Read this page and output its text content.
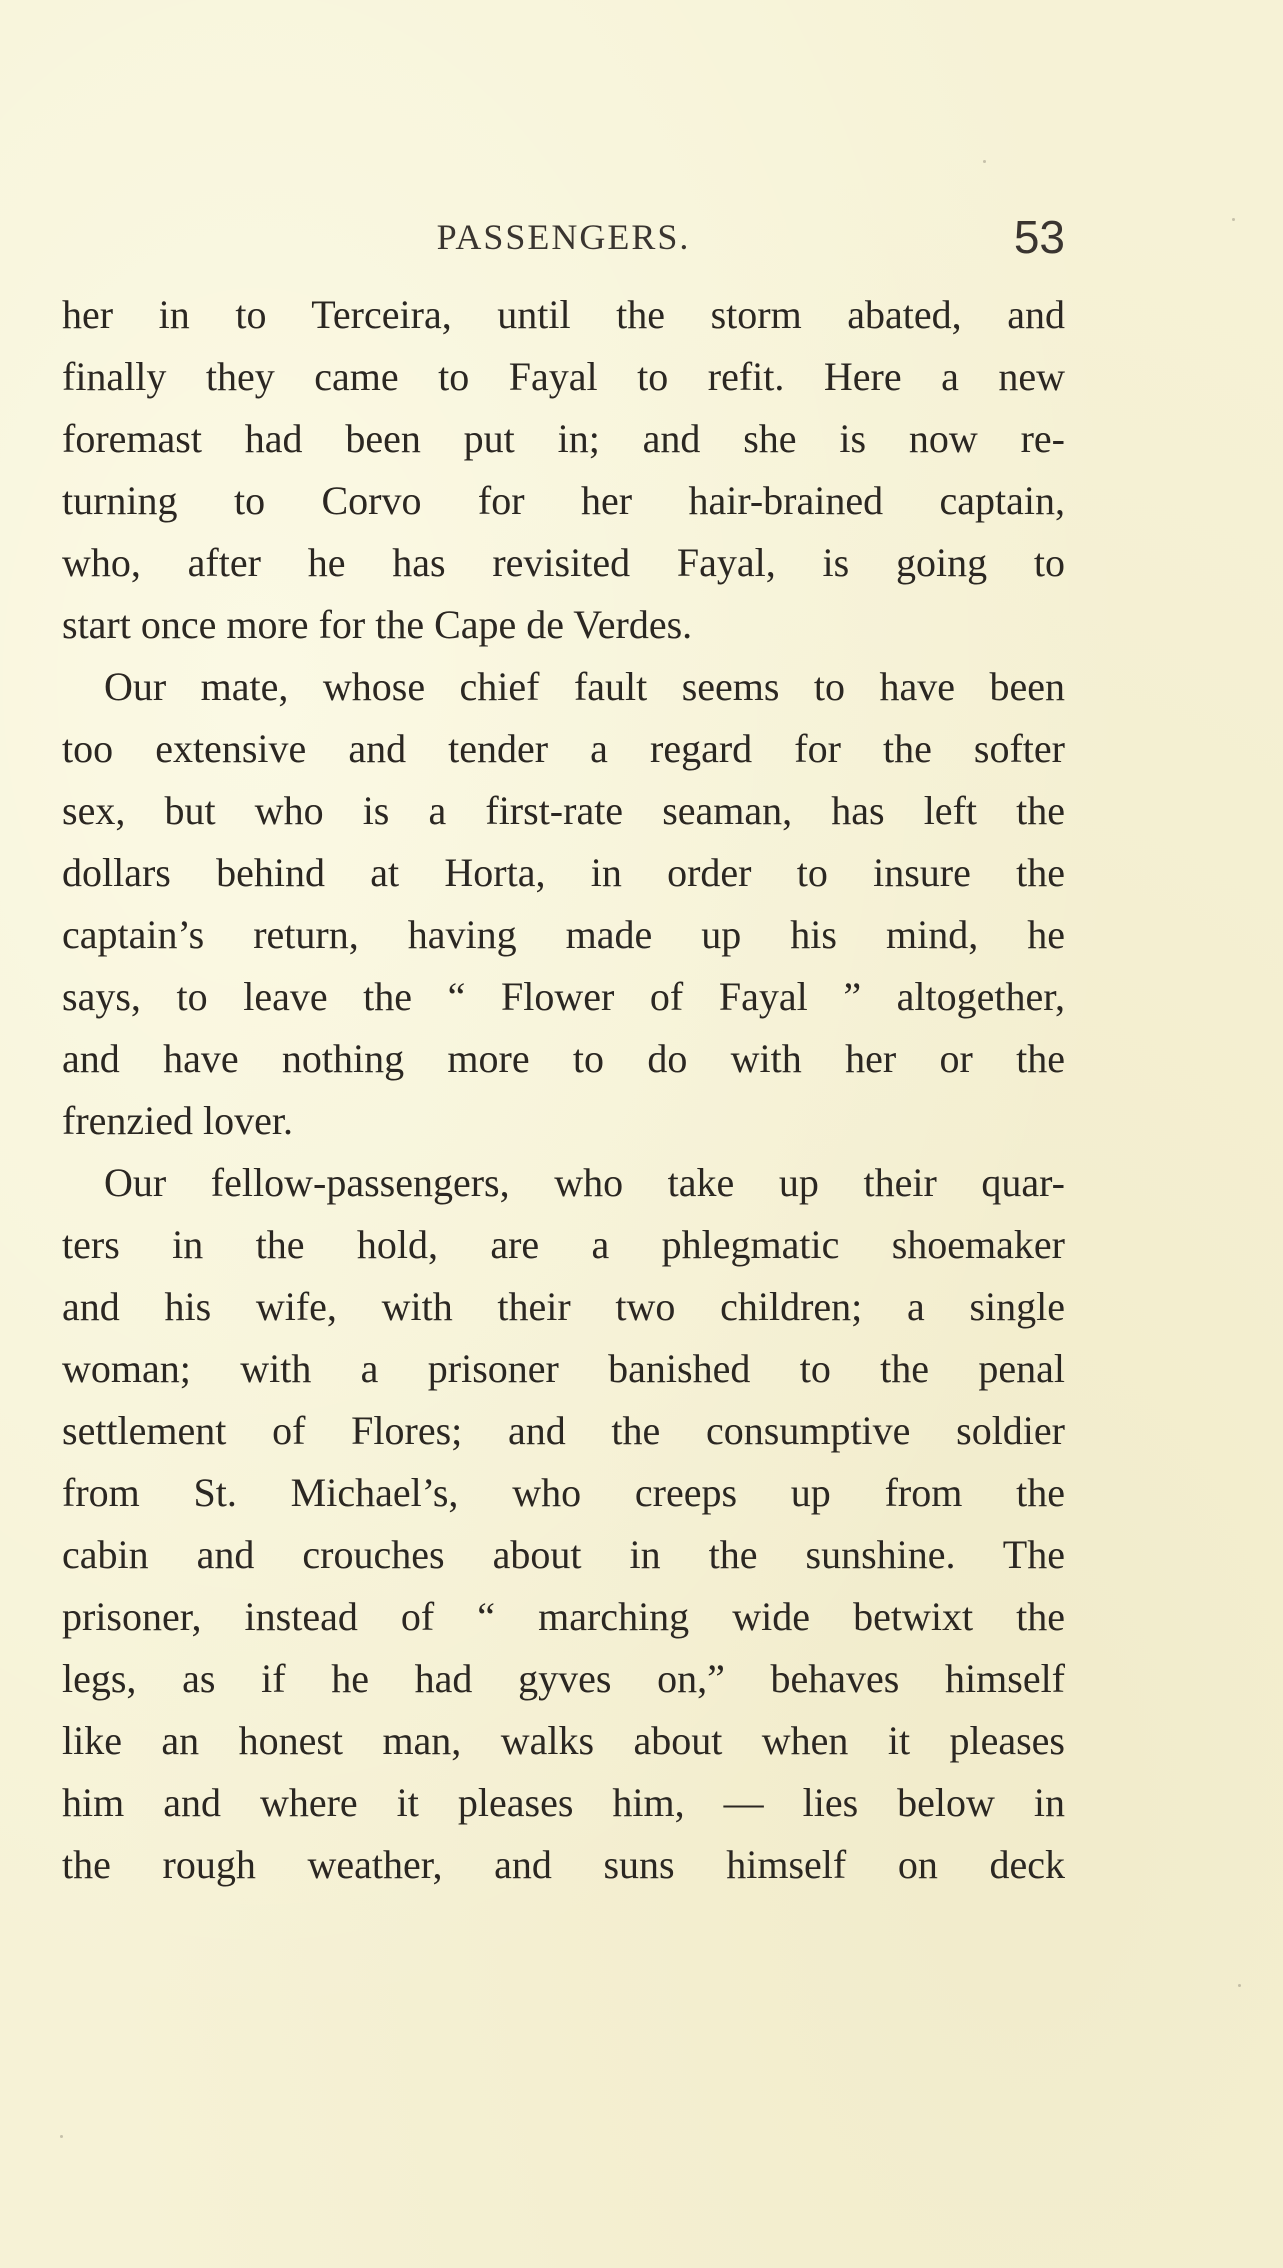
PASSENGERS.	53
her in to Terceira, until the storm abated, and
finally they came to Fayal to refit. Here a new
foremast had been put in; and she is now re-
turning to Corvo for her hair-brained captain,
who, after he has revisited Fayal, is going to
start once more for the Cape de Verdes.
Our mate, whose chief fault seems to have been
too extensive and tender a regard for the softer
sex, but who is a first-rate seaman, has left the
dollars behind at Horta, in order to insure the
captain’s return, having made up his mind, he
says, to leave the “ Flower of Fayal ” altogether,
and have nothing more to do with her or the
frenzied lover.
Our fellow-passengers, who take up their quar-
ters in the hold, are a phlegmatic shoemaker
and his wife, with their two children; a single
woman; with a prisoner banished to the penal
settlement of Flores; and the consumptive soldier
from St. Michael’s, who creeps up from the
cabin and crouches about in the sunshine. The
prisoner, instead of “ marching wide betwixt the
legs, as if he had gyves on,” behaves himself
like an honest man, walks about when it pleases
him and where it pleases him, — lies below in
the rough weather, and suns himself on deck
